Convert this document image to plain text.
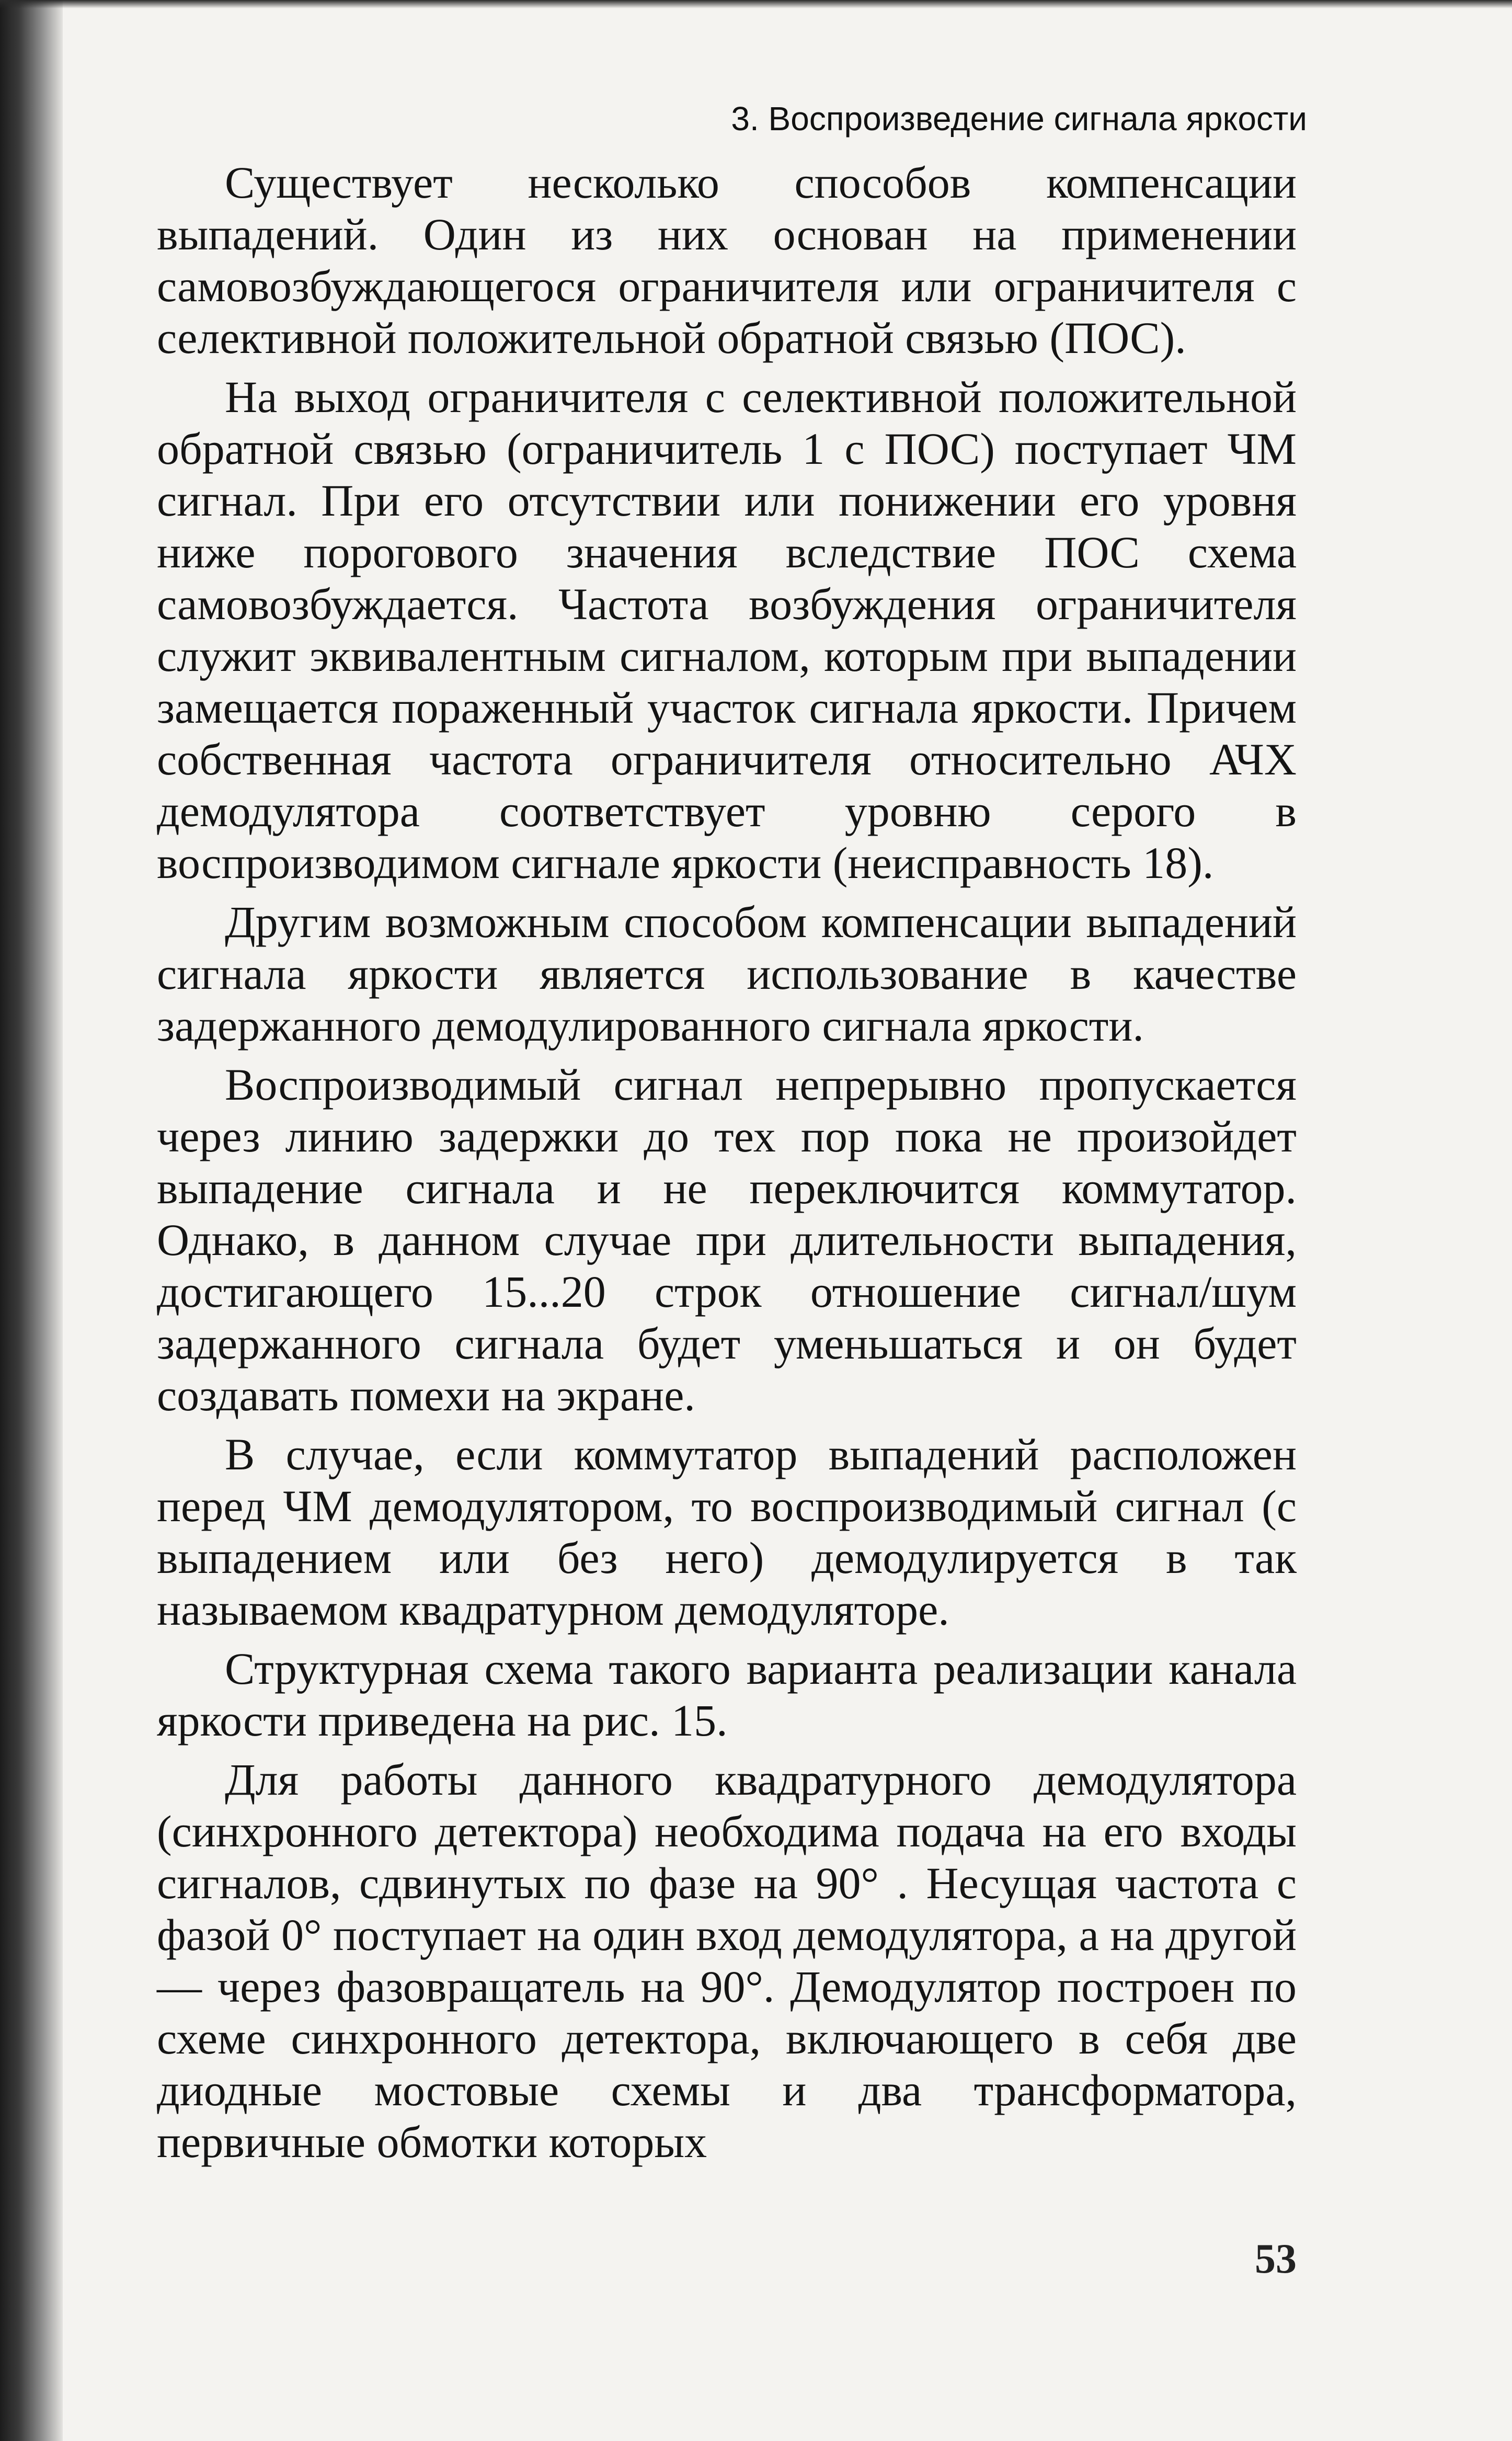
3. Воспроизведение сигнала яркости

Существует несколько способов компенсации выпадений. Один из них основан на применении самовозбуждающегося ограничителя или ограничителя с селективной положительной обратной связью (ПОС).

На выход ограничителя с селективной положительной обратной связью (ограничитель 1 с ПОС) поступает ЧМ сигнал. При его отсутствии или понижении его уровня ниже порогового значения вследствие ПОС схема самовозбуждается. Частота возбуждения ограничителя служит эквивалентным сигналом, которым при выпадении замещается пораженный участок сигнала яркости. Причем собственная частота ограничителя относительно АЧХ демодулятора соответствует уровню серого в воспроизводимом сигнале яркости (неисправность 18).

Другим возможным способом компенсации выпадений сигнала яркости является использование в качестве задержанного демодулированного сигнала яркости.

Воспроизводимый сигнал непрерывно пропускается через линию задержки до тех пор пока не произойдет выпадение сигнала и не переключится коммутатор. Однако, в данном случае при длительности выпадения, достигающего 15...20 строк отношение сигнал/шум задержанного сигнала будет уменьшаться и он будет создавать помехи на экране.

В случае, если коммутатор выпадений расположен перед ЧМ демодулятором, то воспроизводимый сигнал (с выпадением или без него) демодулируется в так называемом квадратурном демодуляторе.

Структурная схема такого варианта реализации канала яркости приведена на рис. 15.

Для работы данного квадратурного демодулятора (синхронного детектора) необходима подача на его входы сигналов, сдвинутых по фазе на 90° . Несущая частота с фазой 0° поступает на один вход демодулятора, а на другой — через фазовращатель на 90°. Демодулятор построен по схеме синхронного детектора, включающего в себя две диодные мостовые схемы и два трансформатора, первичные обмотки которых

53
